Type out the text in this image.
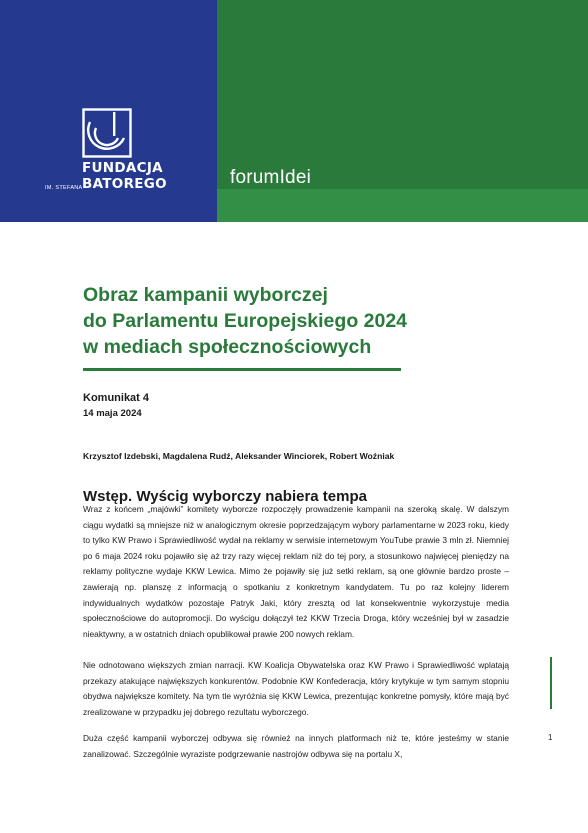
FUNDACJA
IM. STEFANA BATOREGO	forumIdei
Obraz kampanii wyborczej
do Parlamentu Europejskiego 2024
w mediach społecznościowych
Komunikat 4
14 maja 2024
Krzysztof Izdebski, Magdalena Rudź, Aleksander Winciorek, Robert Woźniak
Wstęp. Wyścig wyborczy nabiera tempa

Wraz z końcem „majówki” komitety wyborcze rozpoczęły prowadzenie kampanii na szeroką skalę. W dalszym ciągu wydatki są mniejsze niż w analogicznym okresie poprzedzającym wybory parlamentarne w 2023 roku, kiedy to tylko KW Prawo i Sprawiedliwość wydał na reklamy w serwisie internetowym YouTube prawie 3 mln zł. Niemniej po 6 maja 2024 roku pojawiło się aż trzy razy więcej reklam niż do tej pory, a stosunkowo najwięcej pieniędzy na reklamy polityczne wydaje KKW Lewica. Mimo że pojawiły się już setki reklam, są one głównie bardzo proste – zawierają np. planszę z informacją o spotkaniu z konkretnym kandydatem. Tu po raz kolejny liderem indywidualnych wydatków pozostaje Patryk Jaki, który zresztą od lat konsekwentnie wykorzystuje media społecznościowe do autopromocji. Do wyścigu dołączył też KKW Trzecia Droga, który wcześniej był w zasadzie nieaktywny, a w ostatnich dniach opublikował prawie 200 nowych reklam.

Nie odnotowano większych zmian narracji. KW Koalicja Obywatelska oraz KW Prawo i Sprawiedliwość wplatają przekazy atakujące największych konkurentów. Podobnie KW Konfederacja, który krytykuje w tym samym stopniu obydwa największe komitety. Na tym tle wyróżnia się KKW Lewica, prezentując konkretne pomysły, które mają być zrealizowane w przypadku jej dobrego rezultatu wyborczego.

Duża część kampanii wyborczej odbywa się również na innych platformach niż te, które jesteśmy w stanie zanalizować. Szczególnie wyraziste podgrzewanie nastrojów odbywa się na portalu X,

1
